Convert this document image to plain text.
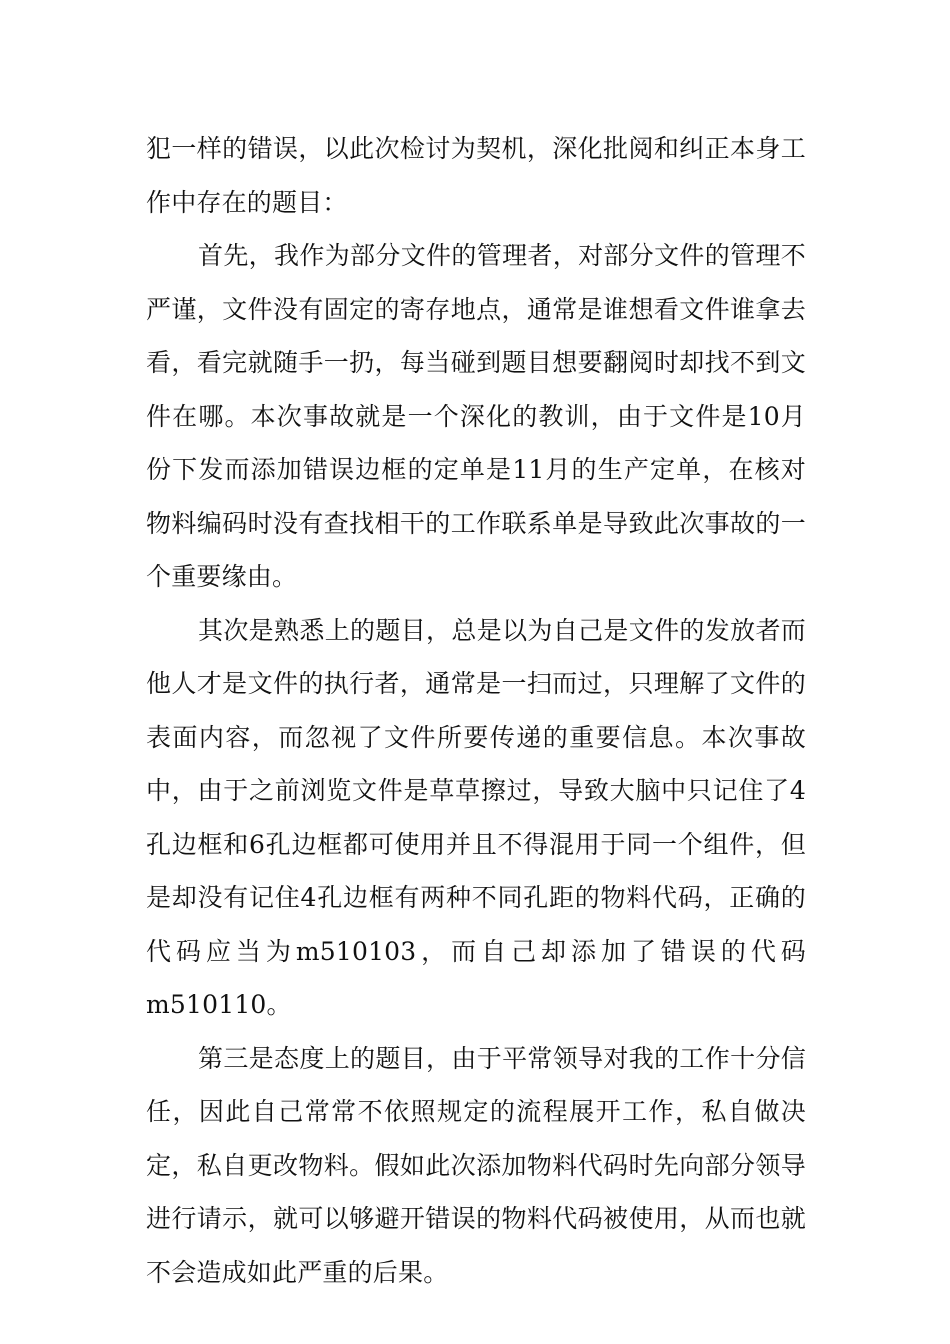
犯一样的错误，以此次检讨为契机，深化批阅和纠正本身工作中存在的题目：

首先，我作为部分文件的管理者，对部分文件的管理不严谨，文件没有固定的寄存地点，通常是谁想看文件谁拿去看，看完就随手一扔，每当碰到题目想要翻阅时却找不到文件在哪。本次事故就是一个深化的教训，由于文件是10月份下发而添加错误边框的定单是11月的生产定单，在核对物料编码时没有查找相干的工作联系单是导致此次事故的一个重要缘由。

其次是熟悉上的题目，总是以为自己是文件的发放者而他人才是文件的执行者，通常是一扫而过，只理解了文件的表面内容，而忽视了文件所要传递的重要信息。本次事故中，由于之前浏览文件是草草擦过，导致大脑中只记住了4孔边框和6孔边框都可使用并且不得混用于同一个组件，但是却没有记住4孔边框有两种不同孔距的物料代码，正确的代码应当为m510103，而自己却添加了错误的代码m510110。

第三是态度上的题目，由于平常领导对我的工作十分信任，因此自己常常不依照规定的流程展开工作，私自做决定，私自更改物料。假如此次添加物料代码时先向部分领导进行请示，就可以够避开错误的物料代码被使用，从而也就不会造成如此严重的后果。
